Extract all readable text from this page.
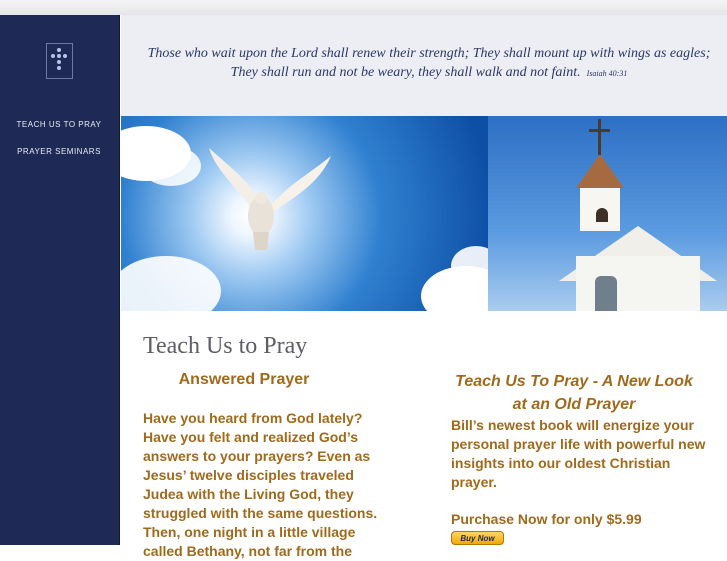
TEACH US TO PRAY
PRAYER SEMINARS

Those who wait upon the Lord shall renew their strength; They shall mount up with wings as eagles;
They shall run and not be weary, they shall walk and not faint. Isaiah 40:31

Teach Us to Pray
Answered Prayer

Have you heard from God lately? Have you felt and realized God’s answers to your prayers? Even as Jesus’ twelve disciples traveled Judea with the Living God, they struggled with the same questions. Then, one night in a little village called Bethany, not far from the

Teach Us To Pray - A New Look at an Old Prayer

Bill’s newest book will energize your personal prayer life with powerful new insights into our oldest Christian prayer.

Purchase Now for only $5.99

Buy Now
